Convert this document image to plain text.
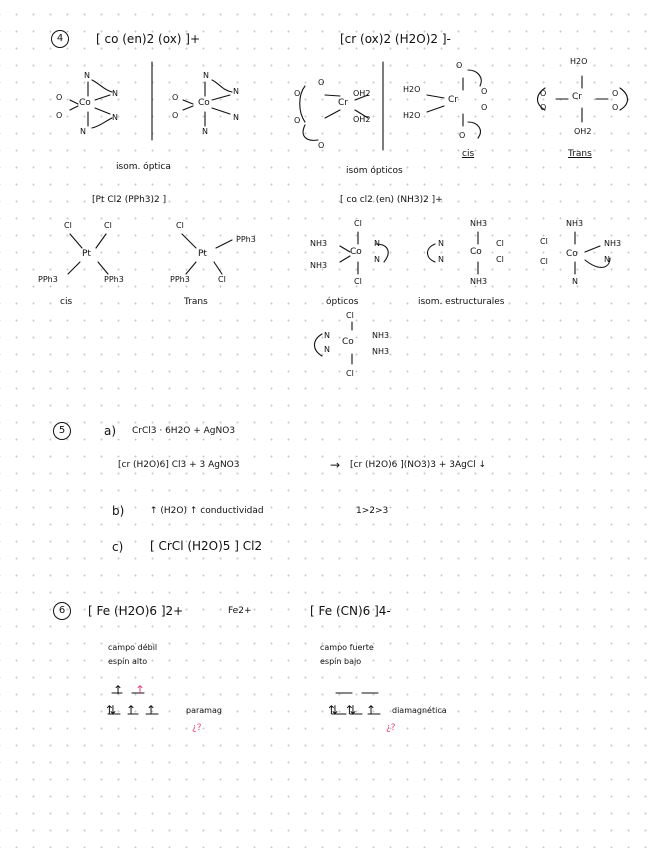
4	[ co (en)2 (ox) ]+	[cr (ox)2 (H2O)2 ]-
N
N
Co
N
N
O
O
N
N
Co
N
N
O
O
isom. óptica
O
O
Cr
OH2
OH2
O
O
H2O
H2O
Cr
O
O
O
O
isom ópticos
cis
H2O
Cr
O
O
O
O
OH2
Trans
[Pt Cl2 (PPh3)2 ]
Cl	Cl
Pt
PPh3	PPh3
cis
Cl
PPh3
Pt
PPh3	Cl
Trans
[ co cl2 (en) (NH3)2 ]+
Cl
NH3
Co
N
N
NH3
Cl
NH3
N
N
Co
Cl
Cl
NH3
NH3
Cl
Cl
Co
NH3
N
N
ópticos	isom. estructurales
Cl
N
N
Co
NH3
NH3
Cl
5	a) CrCl3 · 6H2O + AgNO3
[cr (H2O)6] Cl3 + 3 AgNO3	→ [cr (H2O)6 ](NO3)3 + 3AgCl ↓
b)	↑ (H2O) ↑ conductividad	1>2>3
c) [ CrCl (H2O)5 ] Cl2
6	[ Fe (H2O)6 ]2+	Fe2+	[ Fe (CN)6 ]4-
campo débil
espín alto
campo fuerte
espín bajo
↑ ↑
⇅ ↑ ↑	paramag
¿?
⇅ ⇅ ↑ diamagnética
¿?
